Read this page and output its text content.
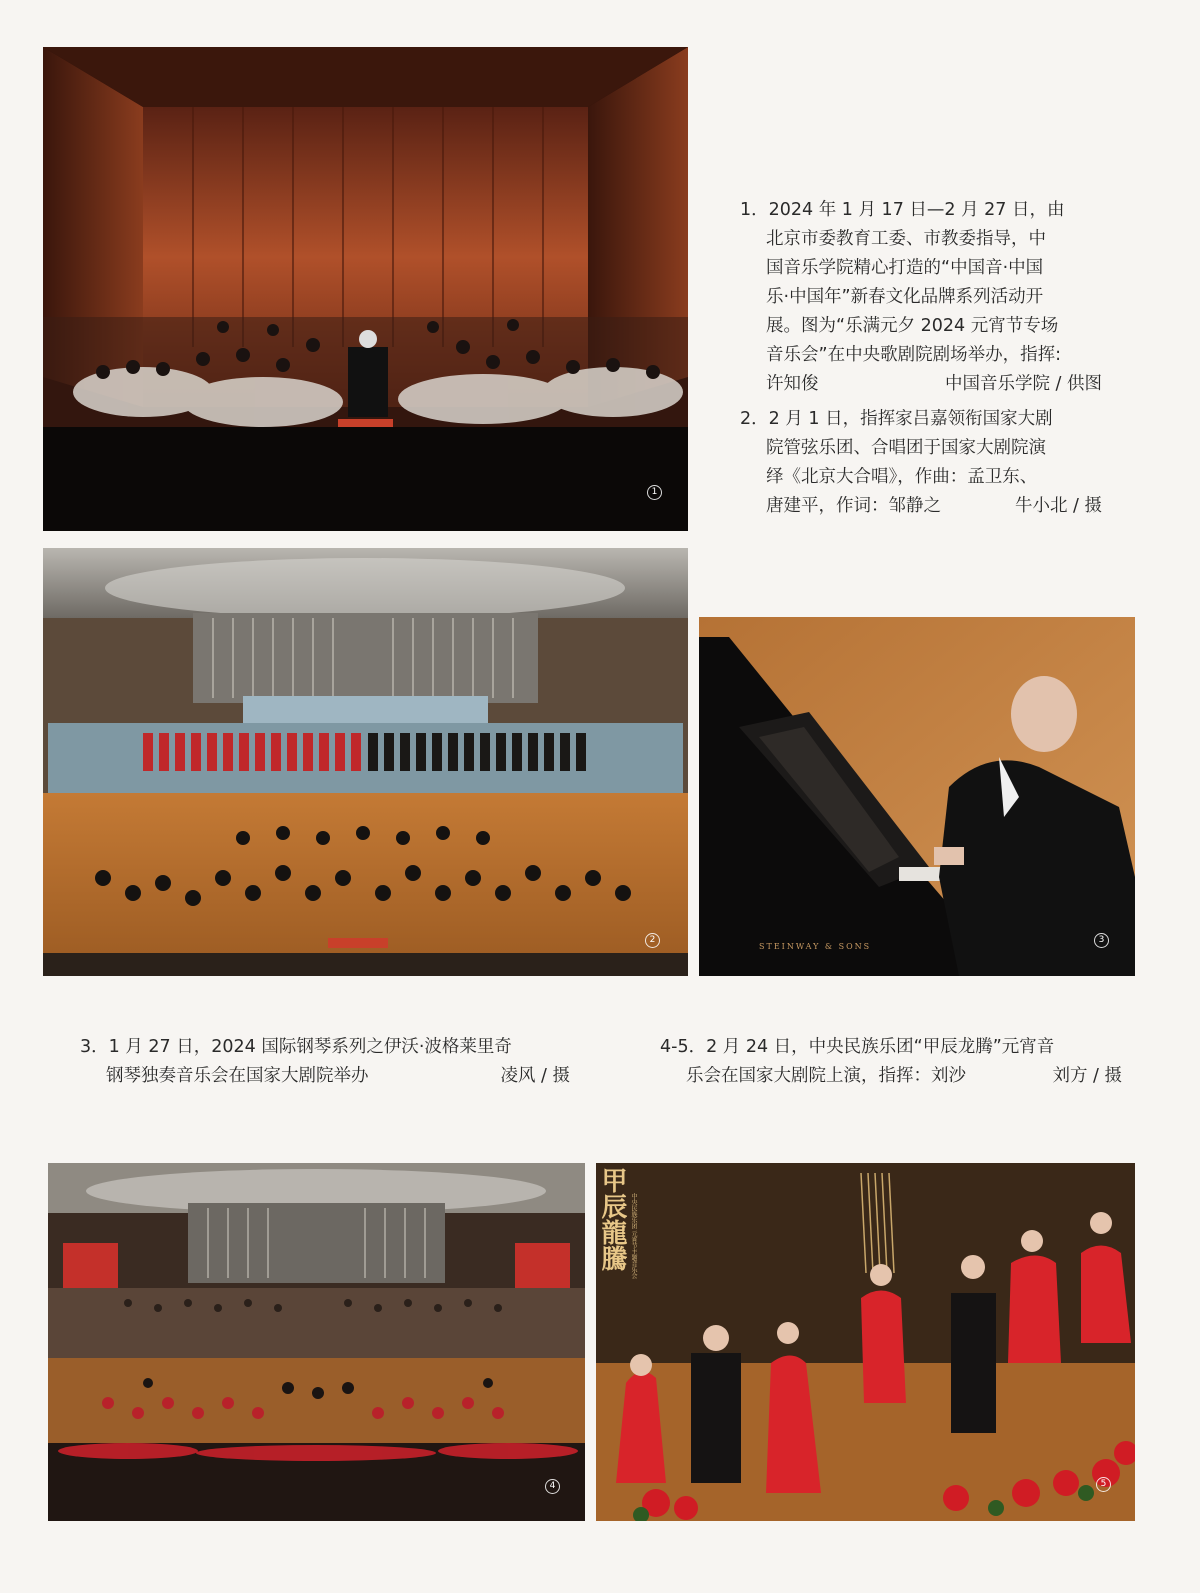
1

1．2024 年 1 月 17 日—2 月 27 日，由

北京市委教育工委、市教委指导，中

国音乐学院精心打造的“中国音·中国

乐·中国年”新春文化品牌系列活动开

展。图为“乐满元夕 2024 元宵节专场

音乐会”在中央歌剧院剧场举办，指挥:

许知俊	中国音乐学院 / 供图

2．2 月 1 日，指挥家吕嘉领衔国家大剧

院管弦乐团、合唱团于国家大剧院演

绎《北京大合唱》，作曲：孟卫东、

唐建平，作词：邹静之	牛小北 / 摄

2
STEINWAY & SONS
3

3．1 月 27 日，2024 国际钢琴系列之伊沃·波格莱里奇

钢琴独奏音乐会在国家大剧院举办	凌风 / 摄

4-5．2 月 24 日，中央民族乐团“甲辰龙腾”元宵音

乐会在国家大剧院上演，指挥：刘沙	刘方 / 摄

4
甲辰龍騰 中央民族乐团 元宵节主题音乐会
5
